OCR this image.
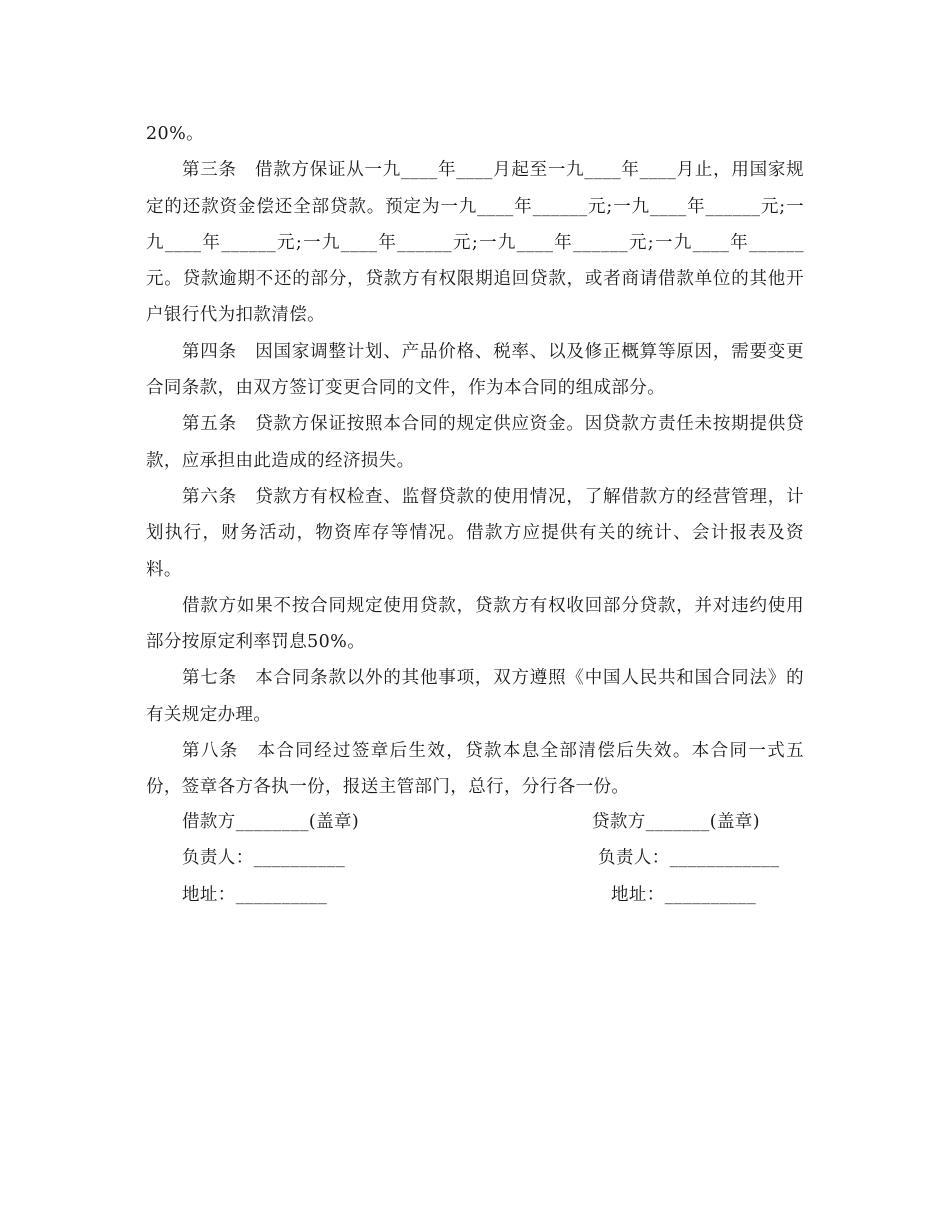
20%。

第三条　借款方保证从一九____年____月起至一九____年____月止，用国家规定的还款资金偿还全部贷款。预定为一九____年______元;一九____年______元;一九____年______元;一九____年______元;一九____年______元;一九____年______元。贷款逾期不还的部分，贷款方有权限期追回贷款，或者商请借款单位的其他开户银行代为扣款清偿。

第四条　因国家调整计划、产品价格、税率、以及修正概算等原因，需要变更合同条款，由双方签订变更合同的文件，作为本合同的组成部分。

第五条　贷款方保证按照本合同的规定供应资金。因贷款方责任未按期提供贷款，应承担由此造成的经济损失。

第六条　贷款方有权检查、监督贷款的使用情况，了解借款方的经营管理，计划执行，财务活动，物资库存等情况。借款方应提供有关的统计、会计报表及资料。

借款方如果不按合同规定使用贷款，贷款方有权收回部分贷款，并对违约使用部分按原定利率罚息50%。

第七条　本合同条款以外的其他事项，双方遵照《中国人民共和国合同法》的有关规定办理。

第八条　本合同经过签章后生效，贷款本息全部清偿后失效。本合同一式五份，签章各方各执一份，报送主管部门，总行，分行各一份。

借款方________(盖章)	贷款方_______(盖章)
负责人：__________	负责人：____________
地址：__________	地址：__________
